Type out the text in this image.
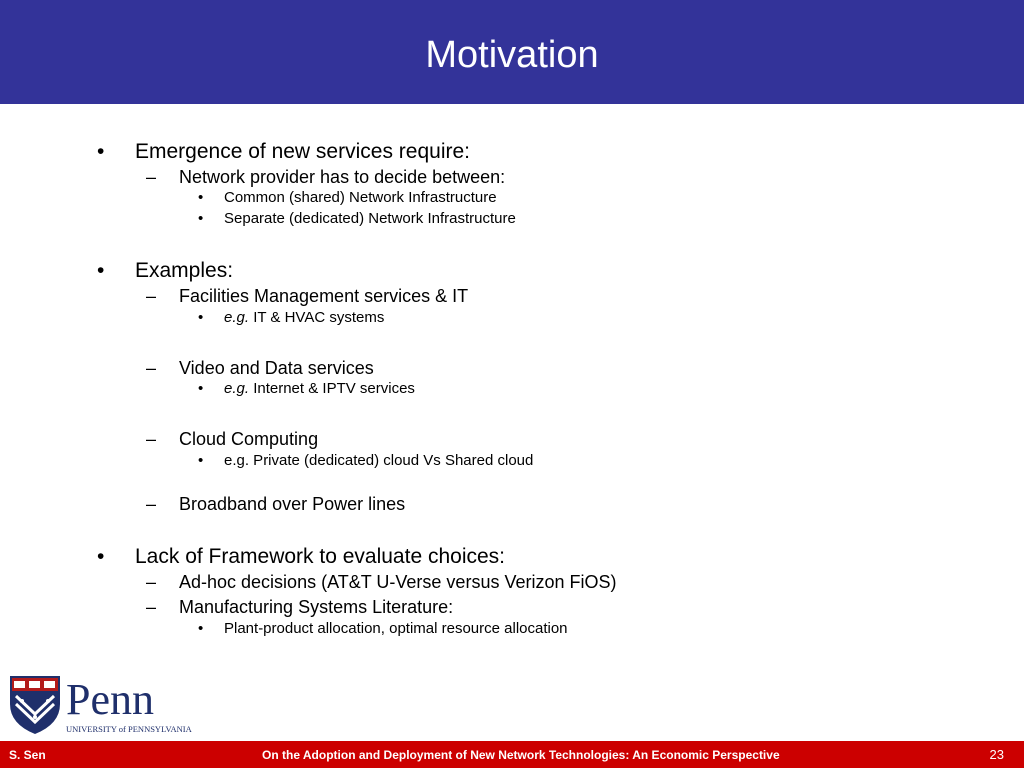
Motivation
• Emergence of new services require:
– Network provider has to decide between:
• Common (shared) Network Infrastructure
• Separate (dedicated) Network Infrastructure
• Examples:
– Facilities Management services & IT
• e.g. IT & HVAC systems
– Video and Data services
• e.g. Internet & IPTV services
– Cloud Computing
• e.g. Private (dedicated) cloud Vs Shared cloud
– Broadband over Power lines
• Lack of Framework to evaluate choices:
– Ad-hoc decisions (AT&T U-Verse versus Verizon FiOS)
– Manufacturing Systems Literature:
• Plant-product allocation, optimal resource allocation
Penn
UNIVERSITY of PENNSYLVANIA
S. Sen	On the Adoption and Deployment of New Network Technologies: An Economic Perspective	23
